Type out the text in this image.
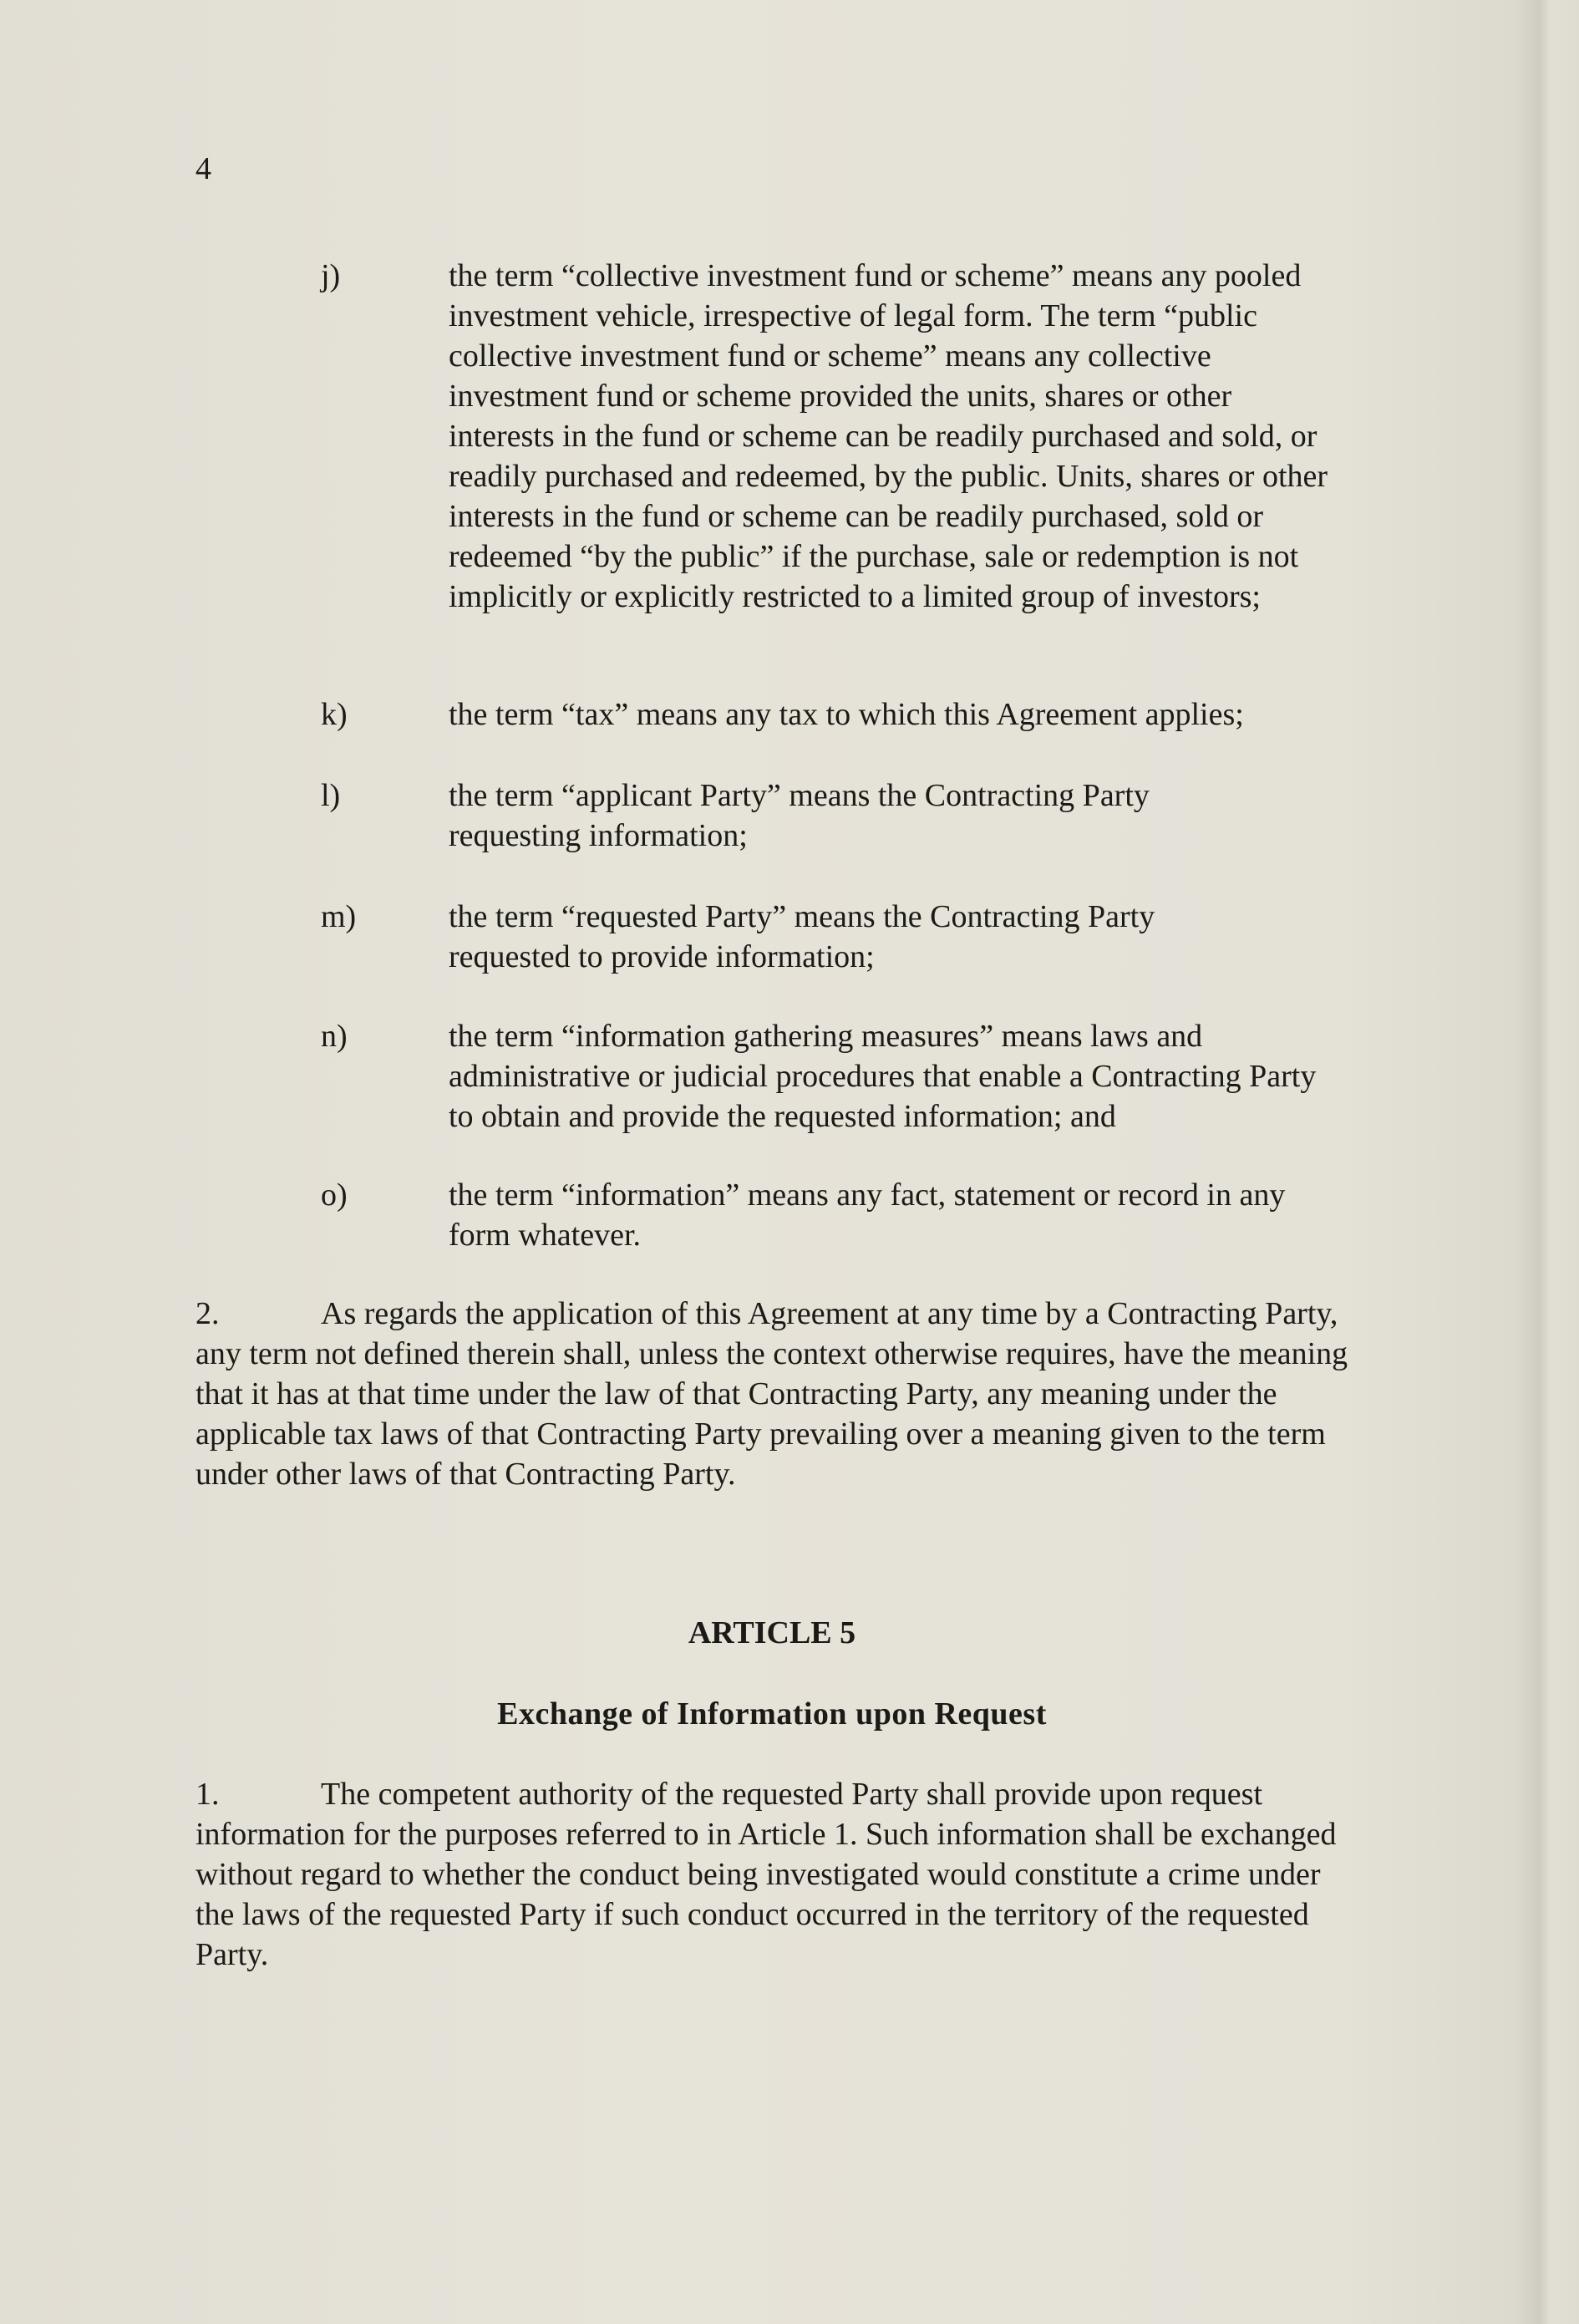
4
j)	the term “collective investment fund or scheme” means any pooled investment vehicle, irrespective of legal form. The term “public collective investment fund or scheme” means any collective investment fund or scheme provided the units, shares or other interests in the fund or scheme can be readily purchased and sold, or readily purchased and redeemed, by the public. Units, shares or other interests in the fund or scheme can be readily purchased, sold or redeemed “by the public” if the purchase, sale or redemption is not implicitly or explicitly restricted to a limited group of investors;
k)	the term “tax” means any tax to which this Agreement applies;
l)	the term “applicant Party” means the Contracting Party requesting information;
m)	the term “requested Party” means the Contracting Party requested to provide information;
n)	the term “information gathering measures” means laws and administrative or judicial procedures that enable a Contracting Party to obtain and provide the requested information; and
o)	the term “information” means any fact, statement or record in any form whatever.
2.	As regards the application of this Agreement at any time by a Contracting Party, any term not defined therein shall, unless the context otherwise requires, have the meaning that it has at that time under the law of that Contracting Party, any meaning under the applicable tax laws of that Contracting Party prevailing over a meaning given to the term under other laws of that Contracting Party.
ARTICLE 5
Exchange of Information upon Request
1.	The competent authority of the requested Party shall provide upon request information for the purposes referred to in Article 1. Such information shall be exchanged without regard to whether the conduct being investigated would constitute a crime under the laws of the requested Party if such conduct occurred in the territory of the requested Party.
